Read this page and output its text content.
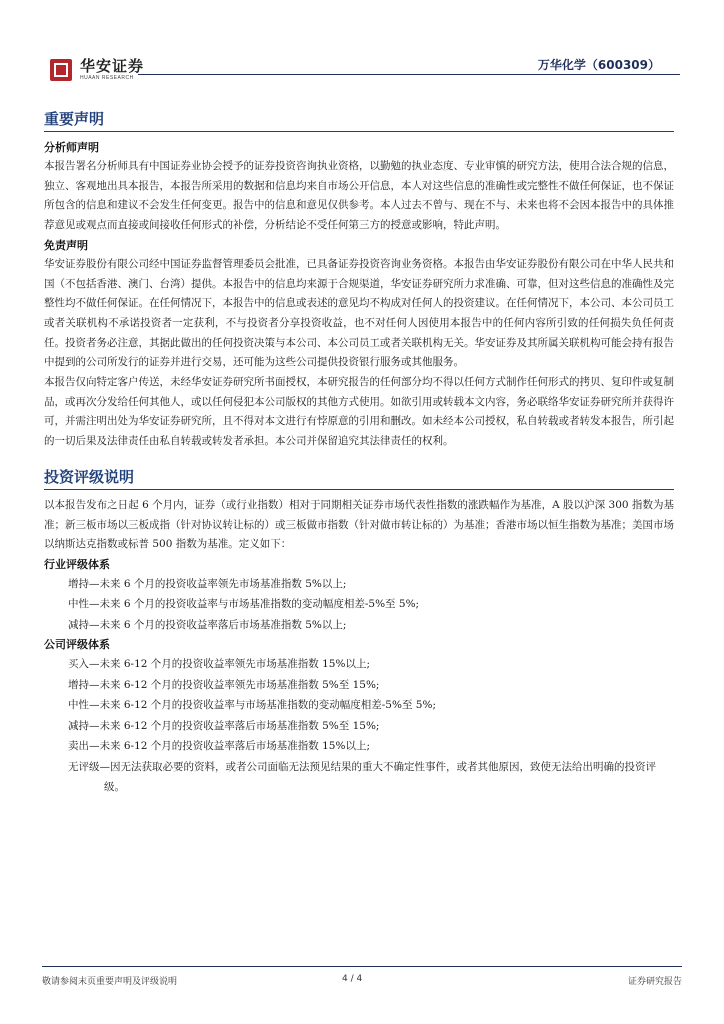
华安证券
HUAAN RESEARCH
万华化学（600309）
重要声明

分析师声明

本报告署名分析师具有中国证券业协会授予的证券投资咨询执业资格，以勤勉的执业态度、专业审慎的研究方法，使用合法合规的信息，独立、客观地出具本报告，本报告所采用的数据和信息均来自市场公开信息，本人对这些信息的准确性或完整性不做任何保证，也不保证所包含的信息和建议不会发生任何变更。报告中的信息和意见仅供参考。本人过去不曾与、现在不与、未来也将不会因本报告中的具体推荐意见或观点而直接或间接收任何形式的补偿，分析结论不受任何第三方的授意或影响，特此声明。

免责声明

华安证券股份有限公司经中国证券监督管理委员会批准，已具备证券投资咨询业务资格。本报告由华安证券股份有限公司在中华人民共和国（不包括香港、澳门、台湾）提供。本报告中的信息均来源于合规渠道，华安证券研究所力求准确、可靠，但对这些信息的准确性及完整性均不做任何保证。在任何情况下，本报告中的信息或表述的意见均不构成对任何人的投资建议。在任何情况下，本公司、本公司员工或者关联机构不承诺投资者一定获利，不与投资者分享投资收益，也不对任何人因使用本报告中的任何内容所引致的任何损失负任何责任。投资者务必注意，其据此做出的任何投资决策与本公司、本公司员工或者关联机构无关。华安证券及其所属关联机构可能会持有报告中提到的公司所发行的证券并进行交易，还可能为这些公司提供投资银行服务或其他服务。

本报告仅向特定客户传送，未经华安证券研究所书面授权，本研究报告的任何部分均不得以任何方式制作任何形式的拷贝、复印件或复制品，或再次分发给任何其他人，或以任何侵犯本公司版权的其他方式使用。如欲引用或转载本文内容，务必联络华安证券研究所并获得许可，并需注明出处为华安证券研究所，且不得对本文进行有悖原意的引用和删改。如未经本公司授权，私自转载或者转发本报告，所引起的一切后果及法律责任由私自转载或转发者承担。本公司并保留追究其法律责任的权利。

投资评级说明

以本报告发布之日起 6 个月内，证券（或行业指数）相对于同期相关证券市场代表性指数的涨跌幅作为基准，A 股以沪深 300 指数为基准；新三板市场以三板成指（针对协议转让标的）或三板做市指数（针对做市转让标的）为基准；香港市场以恒生指数为基准；美国市场以纳斯达克指数或标普 500 指数为基准。定义如下：

行业评级体系

增持—未来 6 个月的投资收益率领先市场基准指数 5%以上;

中性—未来 6 个月的投资收益率与市场基准指数的变动幅度相差-5%至 5%;

减持—未来 6 个月的投资收益率落后市场基准指数 5%以上;

公司评级体系

买入—未来 6-12 个月的投资收益率领先市场基准指数 15%以上;

增持—未来 6-12 个月的投资收益率领先市场基准指数 5%至 15%;

中性—未来 6-12 个月的投资收益率与市场基准指数的变动幅度相差-5%至 5%;

减持—未来 6-12 个月的投资收益率落后市场基准指数 5%至 15%;

卖出—未来 6-12 个月的投资收益率落后市场基准指数 15%以上;

无评级—因无法获取必要的资料，或者公司面临无法预见结果的重大不确定性事件，或者其他原因，致使无法给出明确的投资评级。

敬请参阅末页重要声明及评级说明	4 / 4	证券研究报告
